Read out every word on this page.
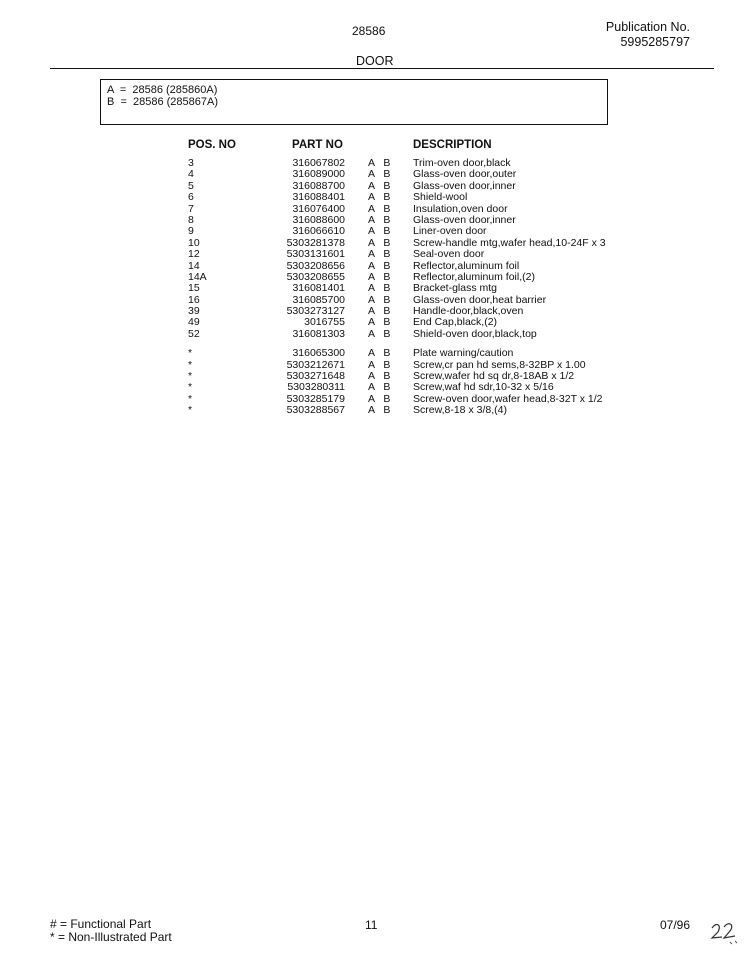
28586	Publication No.
5995285797
DOOR
A  =  28586 (285860A)
B  =  28586 (285867A)
POS. NO	PART NO	DESCRIPTION
3	316067802 A B Trim-oven door,black
4	316089000 A B Glass-oven door,outer
5	316088700 A B Glass-oven door,inner
6	316088401 A B Shield-wool
7	316076400 A B Insulation,oven door
8	316088600 A B Glass-oven door,inner
9	316066610 A B Liner-oven door
10	5303281378 A B Screw-handle mtg,wafer head,10-24F x 3
12	5303131601 A B Seal-oven door
14	5303208656 A B Reflector,aluminum foil
14A	5303208655 A B Reflector,aluminum foil,(2)
15	316081401 A B Bracket-glass mtg
16	316085700 A B Glass-oven door,heat barrier
39	5303273127 A B Handle-door,black,oven
49	3016755 A B End Cap,black,(2)
52	316081303 A B Shield-oven door,black,top
*	316065300 A B Plate warning/caution
*	5303212671 A B Screw,cr pan hd sems,8-32BP x 1.00
*	5303271648 A B Screw,wafer hd sq dr,8-18AB x 1/2
*	5303280311 A B Screw,waf hd sdr,10-32 x 5/16
*	5303285179 A B Screw-oven door,wafer head,8-32T x 1/2
*	5303288567 A B Screw,8-18 x 3/8,(4)
# = Functional Part
* = Non-Illustrated Part
11	07/96
